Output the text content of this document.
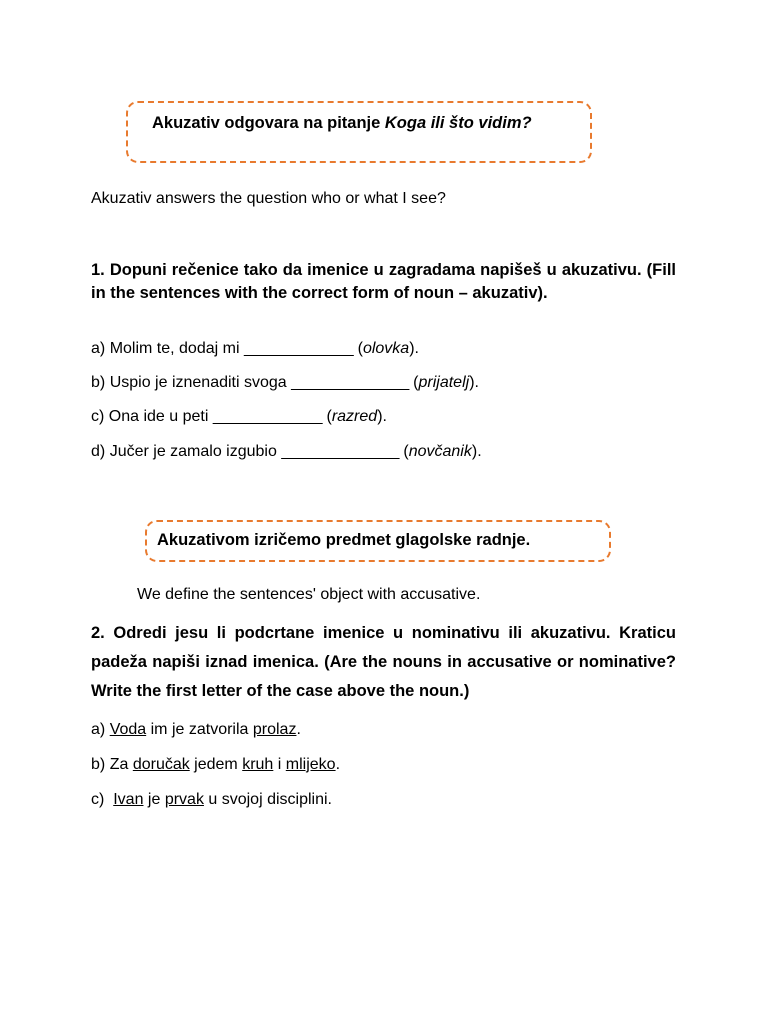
Akuzativ odgovara na pitanje Koga ili što vidim?

Akuzativ answers the question who or what I see?

1. Dopuni rečenice tako da imenice u zagradama napišeš u akuzativu. (Fill in the sentences with the correct form of noun – akuzativ).

a) Molim te, dodaj mi _____________ (olovka).

b) Uspio je iznenaditi svoga ______________ (prijatelj).

c) Ona ide u peti _____________ (razred).

d) Jučer je zamalo izgubio ______________ (novčanik).

Akuzativom izričemo predmet glagolske radnje.

We define the sentences' object with accusative.

2. Odredi jesu li podcrtane imenice u nominativu ili akuzativu. Kraticu padeža napiši iznad imenica. (Are the nouns in accusative or nominative? Write the first letter of the case above the noun.)

a) Voda im je zatvorila prolaz.

b) Za doručak jedem kruh i mlijeko.

c) Ivan je prvak u svojoj disciplini.
